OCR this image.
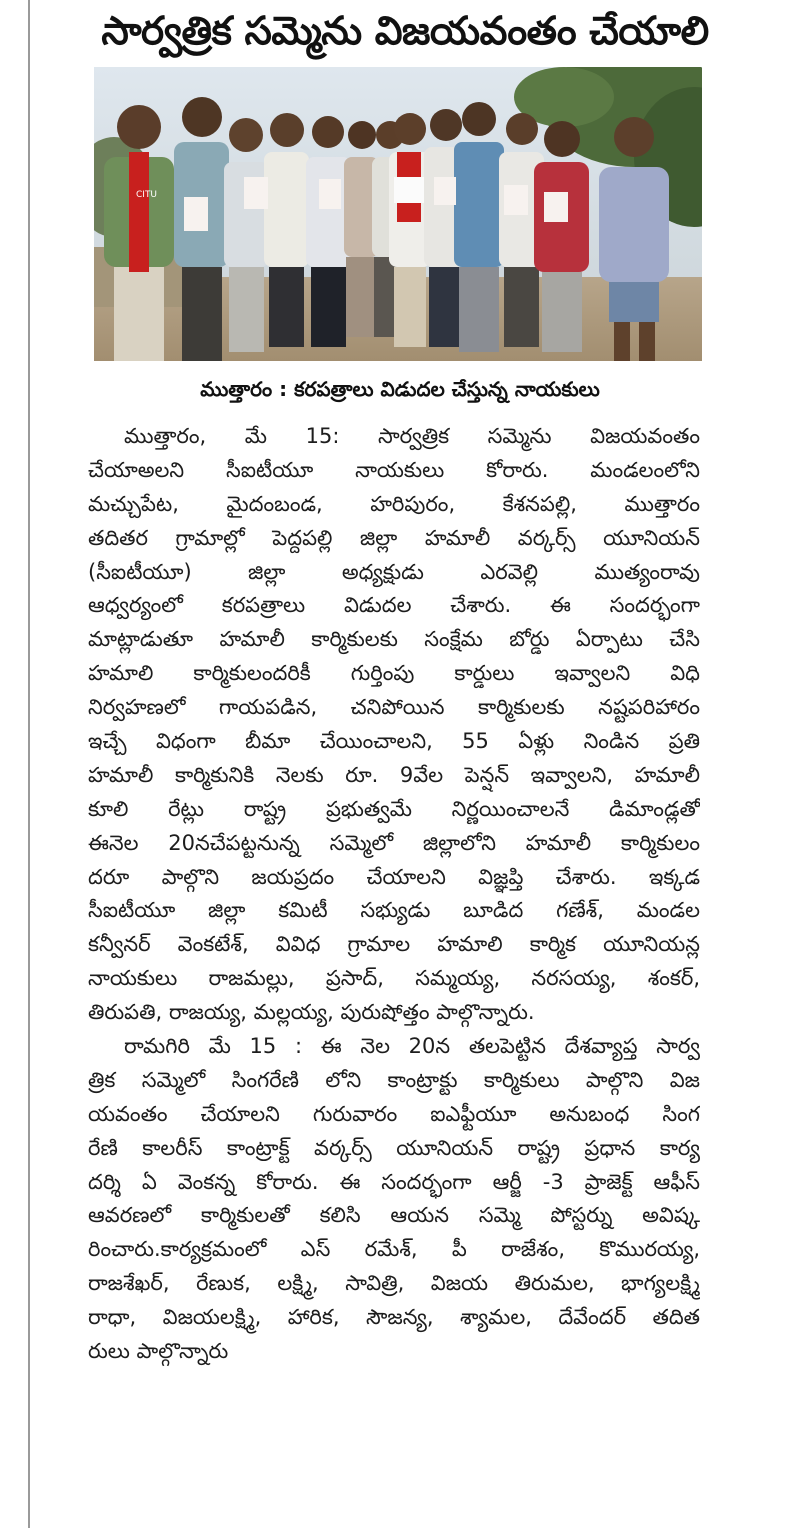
సార్వత్రిక సమ్మెను విజయవంతం చేయాలి
CITU
ముత్తారం : కరపత్రాలు విడుదల చేస్తున్న నాయకులు
ముత్తారం, మే 15: సార్వత్రిక సమ్మెను విజయవంతం
చేయాఅలని సీఐటీయూ నాయకులు కోరారు. మండలంలోని
మచ్చుపేట, మైదంబండ, హరిపురం, కేశనపల్లి, ముత్తారం
తదితర గ్రామాల్లో పెద్దపల్లి జిల్లా హమాలీ వర్కర్స్ యూనియన్
(సీఐటీయూ) జిల్లా అధ్యక్షుడు ఎరవెల్లి ముత్యంరావు
ఆధ్వర్యంలో కరపత్రాలు విడుదల చేశారు. ఈ సందర్భంగా
మాట్లాడుతూ హమాలీ కార్మికులకు సంక్షేమ బోర్డు ఏర్పాటు చేసి
హమాలి కార్మికులందరికీ గుర్తింపు కార్డులు ఇవ్వాలని విధి
నిర్వహణలో గాయపడిన, చనిపోయిన కార్మికులకు నష్టపరిహారం
ఇచ్చే విధంగా బీమా చేయించాలని, 55 ఏళ్లు నిండిన ప్రతి
హమాలీ కార్మికునికి నెలకు రూ. 9వేల పెన్షన్ ఇవ్వాలని, హమాలీ
కూలి రేట్లు రాష్ట్ర ప్రభుత్వమే నిర్ణయించాలనే డిమాండ్లతో
ఈనెల 20నచేపట్టనున్న సమ్మెలో జిల్లాలోని హమాలీ కార్మికులం
దరూ పాల్గొని జయప్రదం చేయాలని విజ్ఞప్తి చేశారు. ఇక్కడ
సీఐటీయూ జిల్లా కమిటీ సభ్యుడు బూడిద గణేశ్, మండల
కన్వీనర్ వెంకటేశ్, వివిధ గ్రామాల హమాలి కార్మిక యూనియన్ల
నాయకులు రాజమల్లు, ప్రసాద్, సమ్మయ్య, నరసయ్య, శంకర్,
తిరుపతి, రాజయ్య, మల్లయ్య, పురుషోత్తం పాల్గొన్నారు.
రామగిరి మే 15 : ఈ నెల 20న తలపెట్టిన దేశవ్యాప్త సార్వ
త్రిక సమ్మెలో సింగరేణి లోని కాంట్రాక్టు కార్మికులు పాల్గొని విజ
యవంతం చేయాలని గురువారం ఐఎఫ్టీయూ అనుబంధ సింగ
రేణి కాలరీస్ కాంట్రాక్ట్ వర్కర్స్ యూనియన్ రాష్ట్ర ప్రధాన కార్య
దర్శి ఏ వెంకన్న కోరారు. ఈ సందర్భంగా ఆర్జీ -3 ప్రాజెక్ట్ ఆఫీస్
ఆవరణలో కార్మికులతో కలిసి ఆయన సమ్మె పోస్టర్ను అవిష్క
రించారు.కార్యక్రమంలో ఎస్ రమేశ్, పీ రాజేశం, కొమురయ్య,
రాజశేఖర్, రేణుక, లక్ష్మి, సావిత్రి, విజయ తిరుమల, భాగ్యలక్ష్మి
రాధా, విజయలక్ష్మి, హారిక, సౌజన్య, శ్యామల, దేవేందర్ తదిత
రులు పాల్గొన్నారు
